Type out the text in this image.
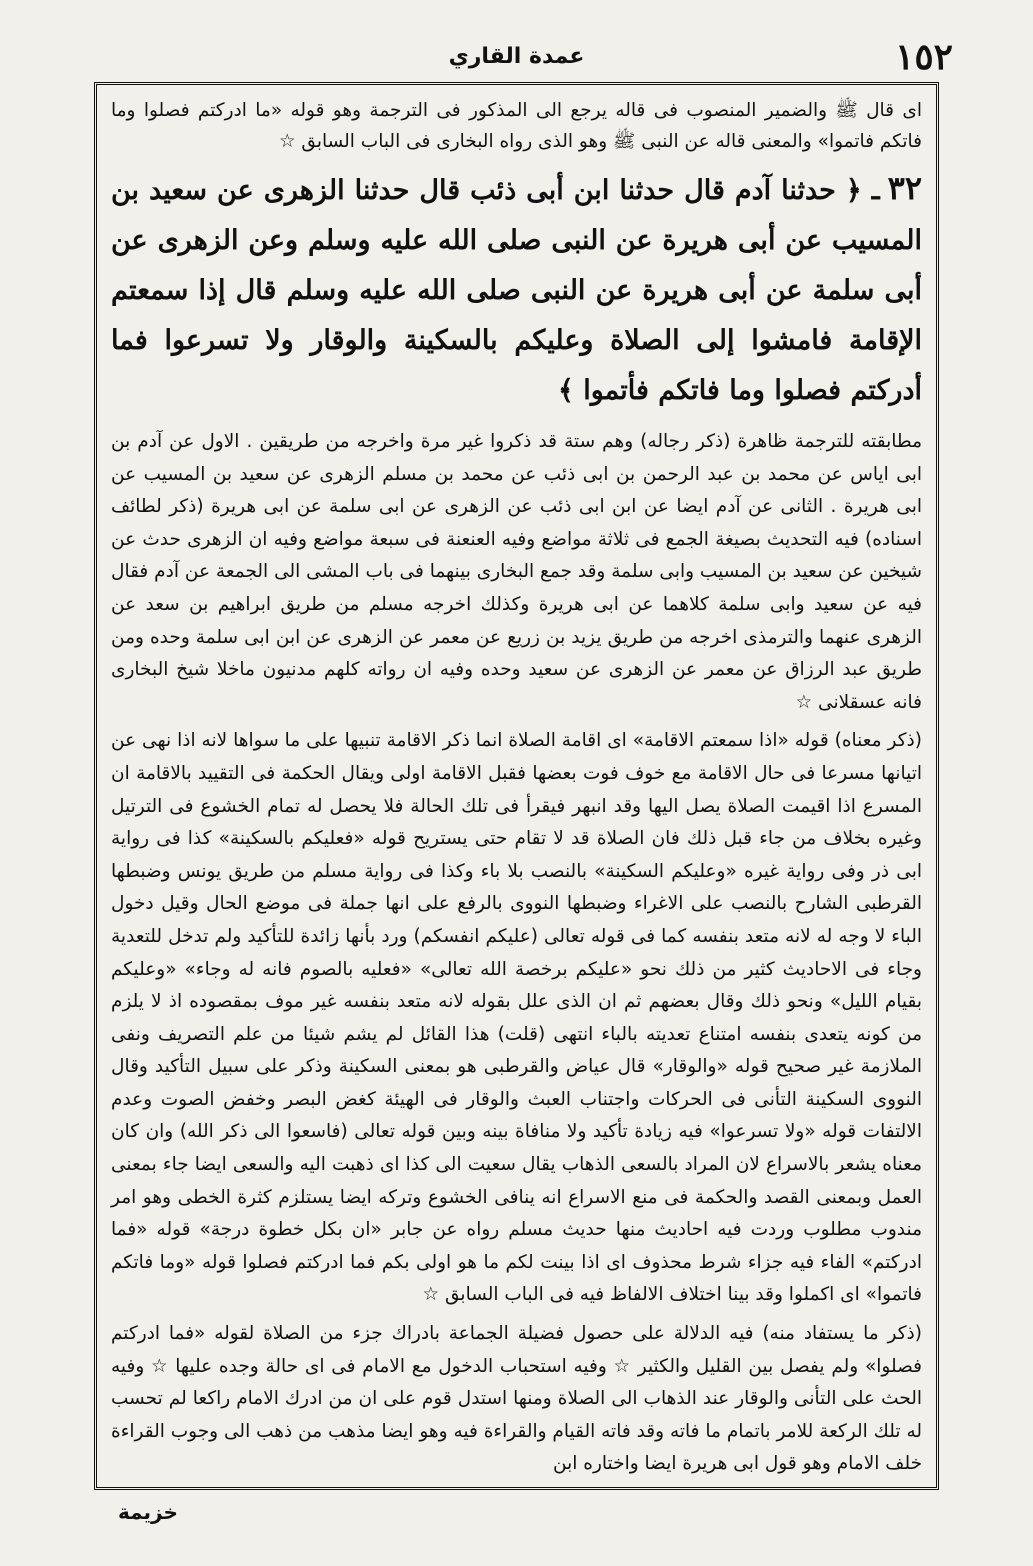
١٥٢
عمدة القاري

اى قال ﷺ والضمير المنصوب فى قاله يرجع الى المذكور فى الترجمة وهو قوله «ما ادركتم فصلوا وما فاتكم فاتموا» والمعنى قاله عن النبى ﷺ وهو الذى رواه البخارى فى الباب السابق ☆

٣٢ـ ﴿ حدثنا آدم قال حدثنا ابن أبى ذئب قال حدثنا الزهرى عن سعيد بن المسيب عن أبى هريرة عن النبى صلى الله عليه وسلم وعن الزهرى عن أبى سلمة عن أبى هريرة عن النبى صلى الله عليه وسلم قال إذا سمعتم الإقامة فامشوا إلى الصلاة وعليكم بالسكينة والوقار ولا تسرعوا فما أدركتم فصلوا وما فاتكم فأتموا ﴾

مطابقته للترجمة ظاهرة (ذكر رجاله) وهم ستة قد ذكروا غير مرة واخرجه من طريقين . الاول عن آدم بن ابى اياس عن محمد بن عبد الرحمن بن ابى ذئب عن محمد بن مسلم الزهرى عن سعيد بن المسيب عن ابى هريرة . الثانى عن آدم ايضا عن ابن ابى ذئب عن الزهرى عن ابى سلمة عن ابى هريرة (ذكر لطائف اسناده) فيه التحديث بصيغة الجمع فى ثلاثة مواضع وفيه العنعنة فى سبعة مواضع وفيه ان الزهرى حدث عن شيخين عن سعيد بن المسيب وابى سلمة وقد جمع البخارى بينهما فى باب المشى الى الجمعة عن آدم فقال فيه عن سعيد وابى سلمة كلاهما عن ابى هريرة وكذلك اخرجه مسلم من طريق ابراهيم بن سعد عن الزهرى عنهما والترمذى اخرجه من طريق يزيد بن زريع عن معمر عن الزهرى عن ابن ابى سلمة وحده ومن طريق عبد الرزاق عن معمر عن الزهرى عن سعيد وحده وفيه ان رواته كلهم مدنيون ماخلا شيخ البخارى فانه عسقلانى ☆

(ذكر معناه) قوله «اذا سمعتم الاقامة» اى اقامة الصلاة انما ذكر الاقامة تنبيها على ما سواها لانه اذا نهى عن اتيانها مسرعا فى حال الاقامة مع خوف فوت بعضها فقبل الاقامة اولى ويقال الحكمة فى التقييد بالاقامة ان المسرع اذا اقيمت الصلاة يصل اليها وقد انبهر فيقرأ فى تلك الحالة فلا يحصل له تمام الخشوع فى الترتيل وغيره بخلاف من جاء قبل ذلك فان الصلاة قد لا تقام حتى يستريح قوله «فعليكم بالسكينة» كذا فى رواية ابى ذر وفى رواية غيره «وعليكم السكينة» بالنصب بلا باء وكذا فى رواية مسلم من طريق يونس وضبطها القرطبى الشارح بالنصب على الاغراء وضبطها النووى بالرفع على انها جملة فى موضع الحال وقيل دخول الباء لا وجه له لانه متعد بنفسه كما فى قوله تعالى (عليكم انفسكم) ورد بأنها زائدة للتأكيد ولم تدخل للتعدية وجاء فى الاحاديث كثير من ذلك نحو «عليكم برخصة الله تعالى» «فعليه بالصوم فانه له وجاء» «وعليكم بقيام الليل» ونحو ذلك وقال بعضهم ثم ان الذى علل بقوله لانه متعد بنفسه غير موف بمقصوده اذ لا يلزم من كونه يتعدى بنفسه امتناع تعديته بالباء انتهى (قلت) هذا القائل لم يشم شيئا من علم التصريف ونفى الملازمة غير صحيح قوله «والوقار» قال عياض والقرطبى هو بمعنى السكينة وذكر على سبيل التأكيد وقال النووى السكينة التأنى فى الحركات واجتناب العبث والوقار فى الهيئة كغض البصر وخفض الصوت وعدم الالتفات قوله «ولا تسرعوا» فيه زيادة تأكيد ولا منافاة بينه وبين قوله تعالى (فاسعوا الى ذكر الله) وان كان معناه يشعر بالاسراع لان المراد بالسعى الذهاب يقال سعيت الى كذا اى ذهبت اليه والسعى ايضا جاء بمعنى العمل وبمعنى القصد والحكمة فى منع الاسراع انه ينافى الخشوع وتركه ايضا يستلزم كثرة الخطى وهو امر مندوب مطلوب وردت فيه احاديث منها حديث مسلم رواه عن جابر «ان بكل خطوة درجة» قوله «فما ادركتم» الفاء فيه جزاء شرط محذوف اى اذا بينت لكم ما هو اولى بكم فما ادركتم فصلوا قوله «وما فاتكم فاتموا» اى اكملوا وقد بينا اختلاف الالفاظ فيه فى الباب السابق ☆

(ذكر ما يستفاد منه) فيه الدلالة على حصول فضيلة الجماعة بادراك جزء من الصلاة لقوله «فما ادركتم فصلوا» ولم يفصل بين القليل والكثير ☆ وفيه استحباب الدخول مع الامام فى اى حالة وجده عليها ☆ وفيه الحث على التأنى والوقار عند الذهاب الى الصلاة ومنها استدل قوم على ان من ادرك الامام راكعا لم تحسب له تلك الركعة للامر باتمام ما فاته وقد فاته القيام والقراءة فيه وهو ايضا مذهب من ذهب الى وجوب القراءة خلف الامام وهو قول ابى هريرة ايضا واختاره ابن

خزيمة
